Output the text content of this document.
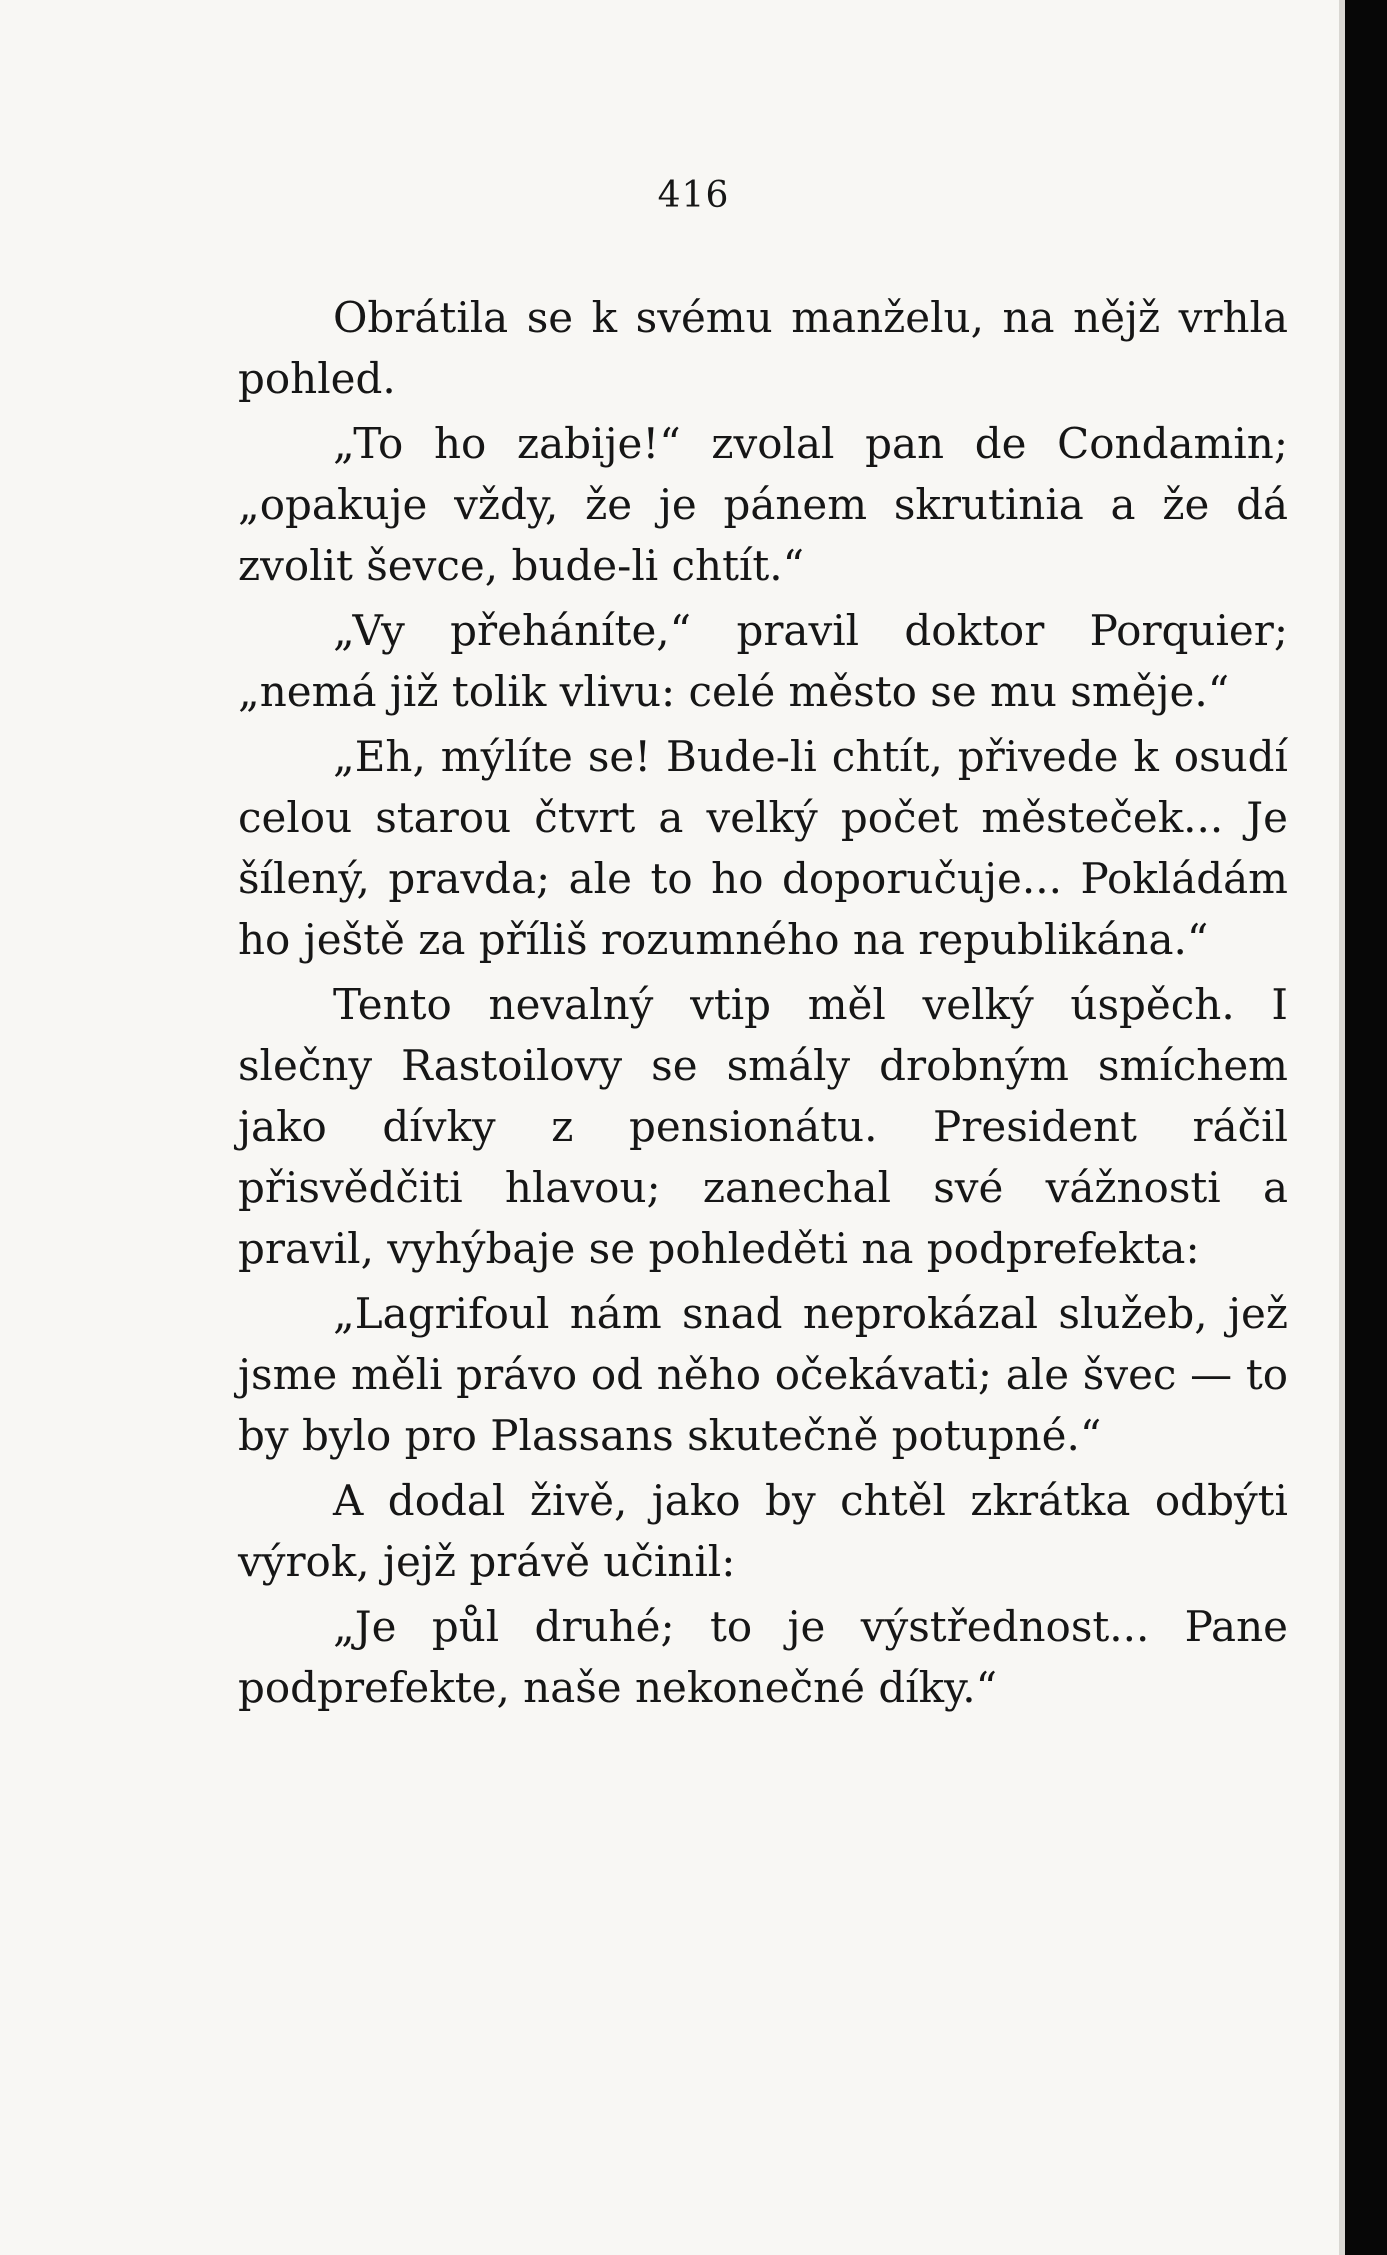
416

Obrátila se k svému manželu, na nějž vrhla pohled.

„To ho zabije!“ zvolal pan de Condamin; „opakuje vždy, že je pánem skrutinia a že dá zvolit ševce, bude-li chtít.“

„Vy přeháníte,“ pravil doktor Porquier; „nemá již tolik vlivu: celé město se mu směje.“

„Eh, mýlíte se! Bude-li chtít, přivede k osudí celou starou čtvrt a velký počet městeček... Je šílený, pravda; ale to ho doporučuje... Pokládám ho ještě za příliš rozumného na republikána.“

Tento nevalný vtip měl velký úspěch. I slečny Rastoilovy se smály drobným smíchem jako dívky z pensionátu. President ráčil přisvědčiti hlavou; zanechal své vážnosti a pravil, vyhýbaje se pohleděti na podprefekta:

„Lagrifoul nám snad neprokázal služeb, jež jsme měli právo od něho očekávati; ale švec — to by bylo pro Plassans skutečně potupné.“

A dodal živě, jako by chtěl zkrátka odbýti výrok, jejž právě učinil:

„Je půl druhé; to je výstřednost... Pane podprefekte, naše nekonečné díky.“
